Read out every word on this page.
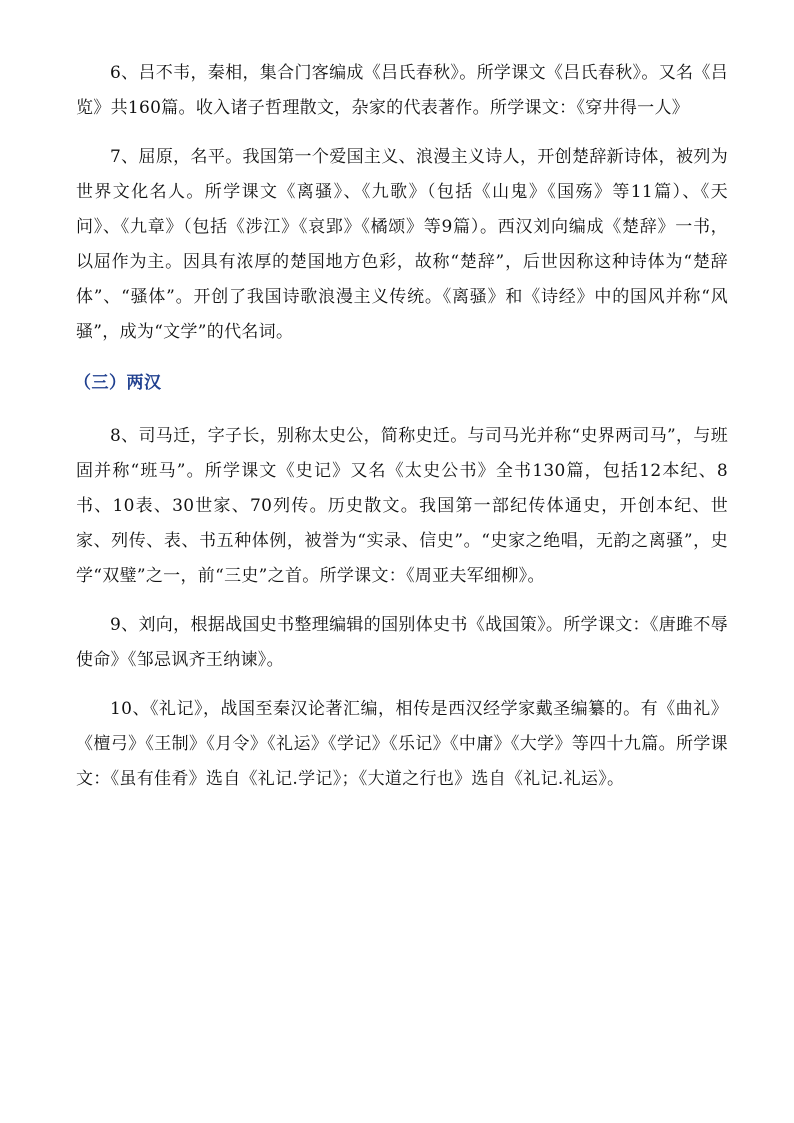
6、吕不韦，秦相，集合门客编成《吕氏春秋》。所学课文《吕氏春秋》。又名《吕览》共160篇。收入诸子哲理散文，杂家的代表著作。所学课文：《穿井得一人》

7、屈原，名平。我国第一个爱国主义、浪漫主义诗人，开创楚辞新诗体，被列为世界文化名人。所学课文《离骚》、《九歌》（包括《山鬼》《国殇》等11篇）、《天问》、《九章》（包括《涉江》《哀郢》《橘颂》等9篇）。西汉刘向编成《楚辞》一书，以屈作为主。因具有浓厚的楚国地方色彩，故称“楚辞”，后世因称这种诗体为“楚辞体”、“骚体”。开创了我国诗歌浪漫主义传统。《离骚》和《诗经》中的国风并称“风骚”，成为“文学”的代名词。

（三）两汉

8、司马迁，字子长，别称太史公，简称史迁。与司马光并称“史界两司马”，与班固并称“班马”。所学课文《史记》又名《太史公书》全书130篇，包括12本纪、8书、10表、30世家、70列传。历史散文。我国第一部纪传体通史，开创本纪、世家、列传、表、书五种体例，被誉为“实录、信史”。“史家之绝唱，无韵之离骚”，史学“双璧”之一，前“三史”之首。所学课文：《周亚夫军细柳》。

9、刘向，根据战国史书整理编辑的国别体史书《战国策》。所学课文：《唐雎不辱使命》《邹忌讽齐王纳谏》。

10、《礼记》，战国至秦汉论著汇编，相传是西汉经学家戴圣编纂的。有《曲礼》《檀弓》《王制》《月令》《礼运》《学记》《乐记》《中庸》《大学》等四十九篇。所学课文：《虽有佳肴》选自《礼记.学记》；《大道之行也》选自《礼记.礼运》。
